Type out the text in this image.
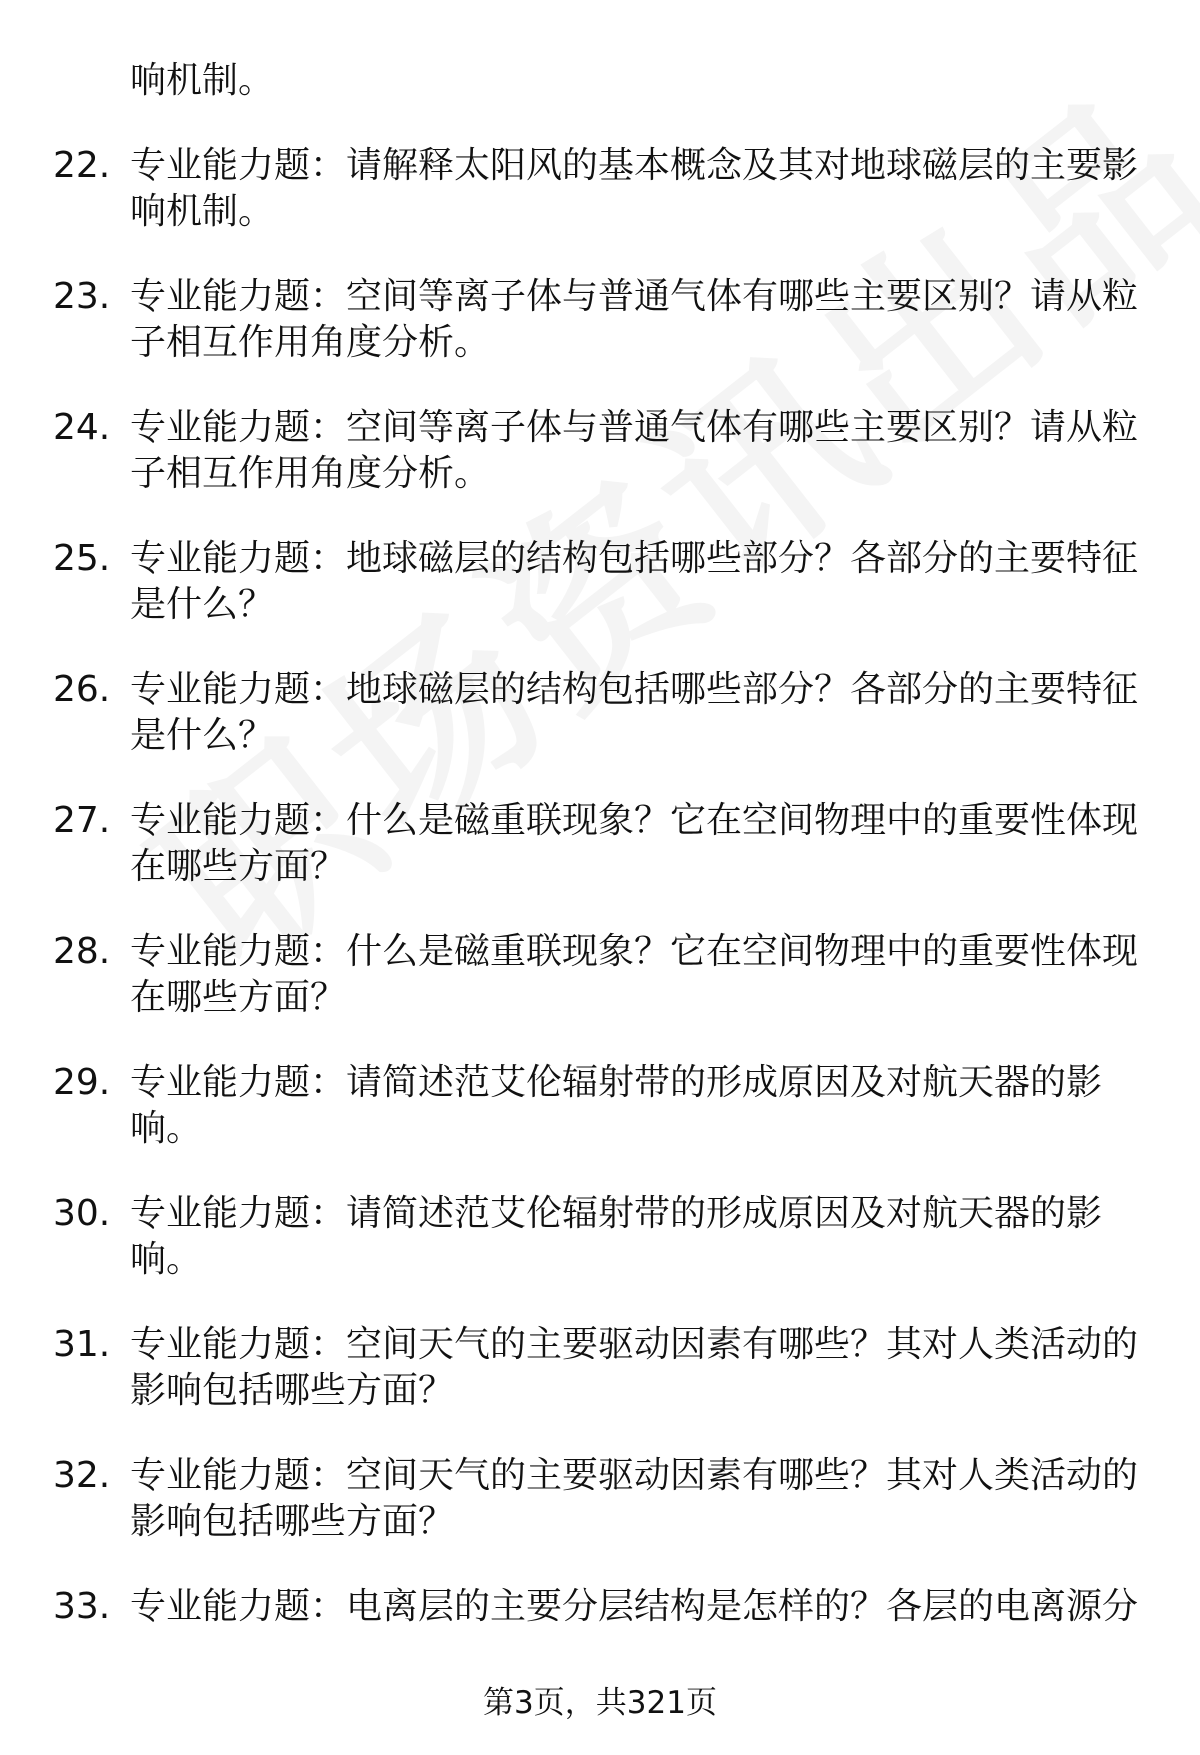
响机制。
22. 专业能力题：请解释太阳风的基本概念及其对地球磁层的主要影响机制。
23. 专业能力题：空间等离子体与普通气体有哪些主要区别？请从粒子相互作用角度分析。
24. 专业能力题：空间等离子体与普通气体有哪些主要区别？请从粒子相互作用角度分析。
25. 专业能力题：地球磁层的结构包括哪些部分？各部分的主要特征是什么？
26. 专业能力题：地球磁层的结构包括哪些部分？各部分的主要特征是什么？
27. 专业能力题：什么是磁重联现象？它在空间物理中的重要性体现在哪些方面？
28. 专业能力题：什么是磁重联现象？它在空间物理中的重要性体现在哪些方面？
29. 专业能力题：请简述范艾伦辐射带的形成原因及对航天器的影响。
30. 专业能力题：请简述范艾伦辐射带的形成原因及对航天器的影响。
31. 专业能力题：空间天气的主要驱动因素有哪些？其对人类活动的影响包括哪些方面？
32. 专业能力题：空间天气的主要驱动因素有哪些？其对人类活动的影响包括哪些方面？
33. 专业能力题：电离层的主要分层结构是怎样的？各层的电离源分
第3页，共321页
